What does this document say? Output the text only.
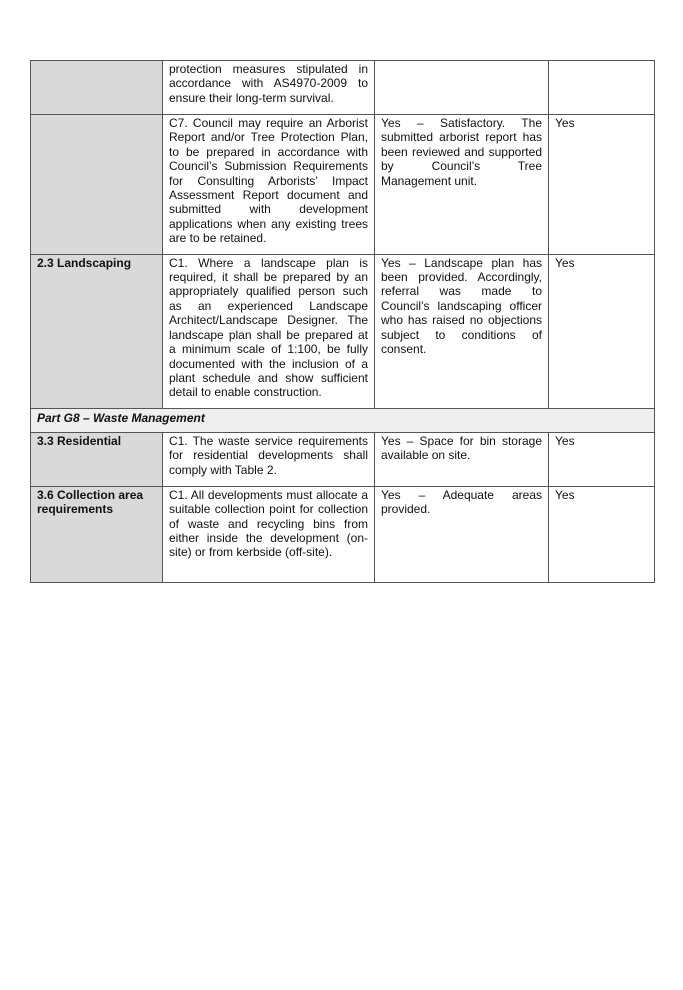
	protection measures stipulated in accordance with AS4970-2009 to ensure their long-term survival.		
	C7. Council may require an Arborist Report and/or Tree Protection Plan, to be prepared in accordance with Council’s Submission Requirements for Consulting Arborists’ Impact Assessment Report document and submitted with development applications when any existing trees are to be retained.	Yes – Satisfactory. The submitted arborist report has been reviewed and supported by Council’s Tree Management unit.	Yes
2.3 Landscaping	C1. Where a landscape plan is required, it shall be prepared by an appropriately qualified person such as an experienced Landscape Architect/Landscape Designer. The landscape plan shall be prepared at a minimum scale of 1:100, be fully documented with the inclusion of a plant schedule and show sufficient detail to enable construction.	Yes – Landscape plan has been provided. Accordingly, referral was made to Council’s landscaping officer who has raised no objections subject to conditions of consent.	Yes
Part G8 – Waste Management			
3.3 Residential	C1. The waste service requirements for residential developments shall comply with Table 2.	Yes – Space for bin storage available on site.	Yes
3.6 Collection area requirements	C1. All developments must allocate a suitable collection point for collection of waste and recycling bins from either inside the development (on-site) or from kerbside (off-site).	Yes – Adequate areas provided.	Yes
